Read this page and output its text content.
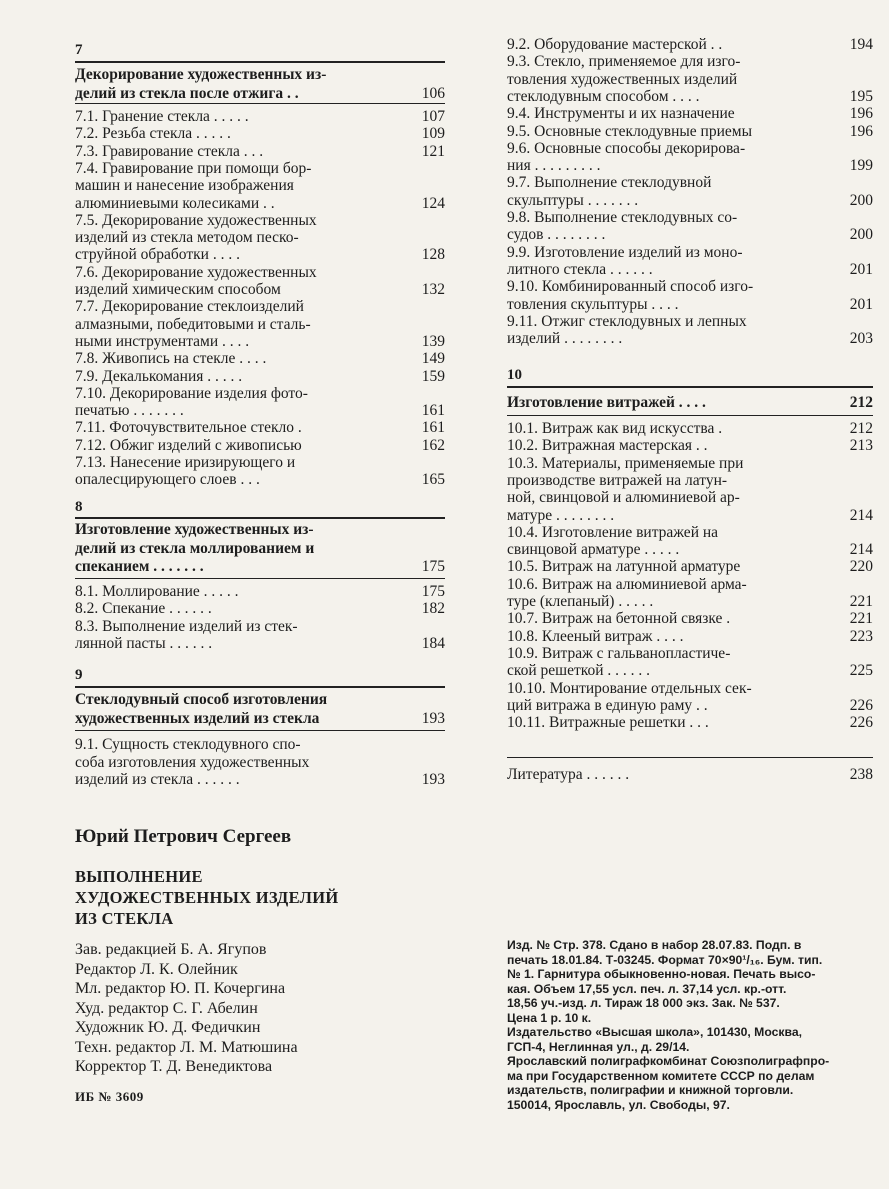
7
Декорирование художественных из-
делий из стекла после отжига . .	106
7.1. Гранение стекла . . . . .	107
7.2. Резьба стекла . . . . .	109
7.3. Гравирование стекла . . .	121
7.4. Гравирование при помощи бор-
машин и нанесение изображения
алюминиевыми колесиками . .	124
7.5. Декорирование художественных
изделий из стекла методом песко-
струйной обработки . . . .	128
7.6. Декорирование художественных
изделий химическим способом	132
7.7. Декорирование стеклоизделий
алмазными, победитовыми и сталь-
ными инструментами . . . .	139
7.8. Живопись на стекле . . . .	149
7.9. Декалькомания . . . . .	159
7.10. Декорирование изделия фото-
печатью . . . . . . .	161
7.11. Фоточувствительное стекло .	161
7.12. Обжиг изделий с живописью	162
7.13. Нанесение иризирующего и
опалесцирующего слоев . . .	165
8
Изготовление художественных из-
делий из стекла моллированием и
спеканием . . . . . . .	175
8.1. Моллирование . . . . .	175
8.2. Спекание . . . . . .	182
8.3. Выполнение изделий из стек-
лянной пасты . . . . . .	184
9
Стеклодувный способ изготовления
художественных изделий из стекла	193
9.1. Сущность стеклодувного спо-
соба изготовления художественных
изделий из стекла . . . . . .	193
Юрий Петрович Сергеев
ВЫПОЛНЕНИЕ
ХУДОЖЕСТВЕННЫХ ИЗДЕЛИЙ
ИЗ СТЕКЛА
Зав. редакцией Б. А. Ягупов
Редактор Л. К. Олейник
Мл. редактор Ю. П. Кочергина
Худ. редактор С. Г. Абелин
Художник Ю. Д. Федичкин
Техн. редактор Л. М. Матюшина
Корректор Т. Д. Венедиктова
ИБ № 3609
9.2. Оборудование мастерской . .	194
9.3. Стекло, применяемое для изго-
товления художественных изделий
стеклодувным способом . . . .	195
9.4. Инструменты и их назначение	196
9.5. Основные стеклодувные приемы	196
9.6. Основные способы декорирова-
ния . . . . . . . . .	199
9.7. Выполнение стеклодувной
скульптуры . . . . . . .	200
9.8. Выполнение стеклодувных со-
судов . . . . . . . .	200
9.9. Изготовление изделий из моно-
литного стекла . . . . . .	201
9.10. Комбинированный способ изго-
товления скульптуры . . . .	201
9.11. Отжиг стеклодувных и лепных
изделий . . . . . . . .	203
10
Изготовление витражей . . . .	212
10.1. Витраж как вид искусства .	212
10.2. Витражная мастерская . .	213
10.3. Материалы, применяемые при
производстве витражей на латун-
ной, свинцовой и алюминиевой ар-
матуре . . . . . . . .	214
10.4. Изготовление витражей на
свинцовой арматуре . . . . .	214
10.5. Витраж на латунной арматуре	220
10.6. Витраж на алюминиевой арма-
туре (клепаный) . . . . .	221
10.7. Витраж на бетонной связке .	221
10.8. Клееный витраж . . . .	223
10.9. Витраж с гальванопластиче-
ской решеткой . . . . . .	225
10.10. Монтирование отдельных сек-
ций витража в единую раму . .	226
10.11. Витражные решетки . . .	226
Литература . . . . . .	238
Изд. № Стр. 378. Сдано в набор 28.07.83. Подп. в
печать 18.01.84. Т-03245. Формат 70×90¹/₁₆. Бум. тип.
№ 1. Гарнитура обыкновенно-новая. Печать высо-
кая. Объем 17,55 усл. печ. л. 37,14 усл. кр.-отт.
18,56 уч.-изд. л. Тираж 18 000 экз. Зак. № 537.
Цена 1 р. 10 к.
Издательство «Высшая школа», 101430, Москва,
ГСП-4, Неглинная ул., д. 29/14.
Ярославский полиграфкомбинат Союзполиграфпро-
ма при Государственном комитете СССР по делам
издательств, полиграфии и книжной торговли.
150014, Ярославль, ул. Свободы, 97.
